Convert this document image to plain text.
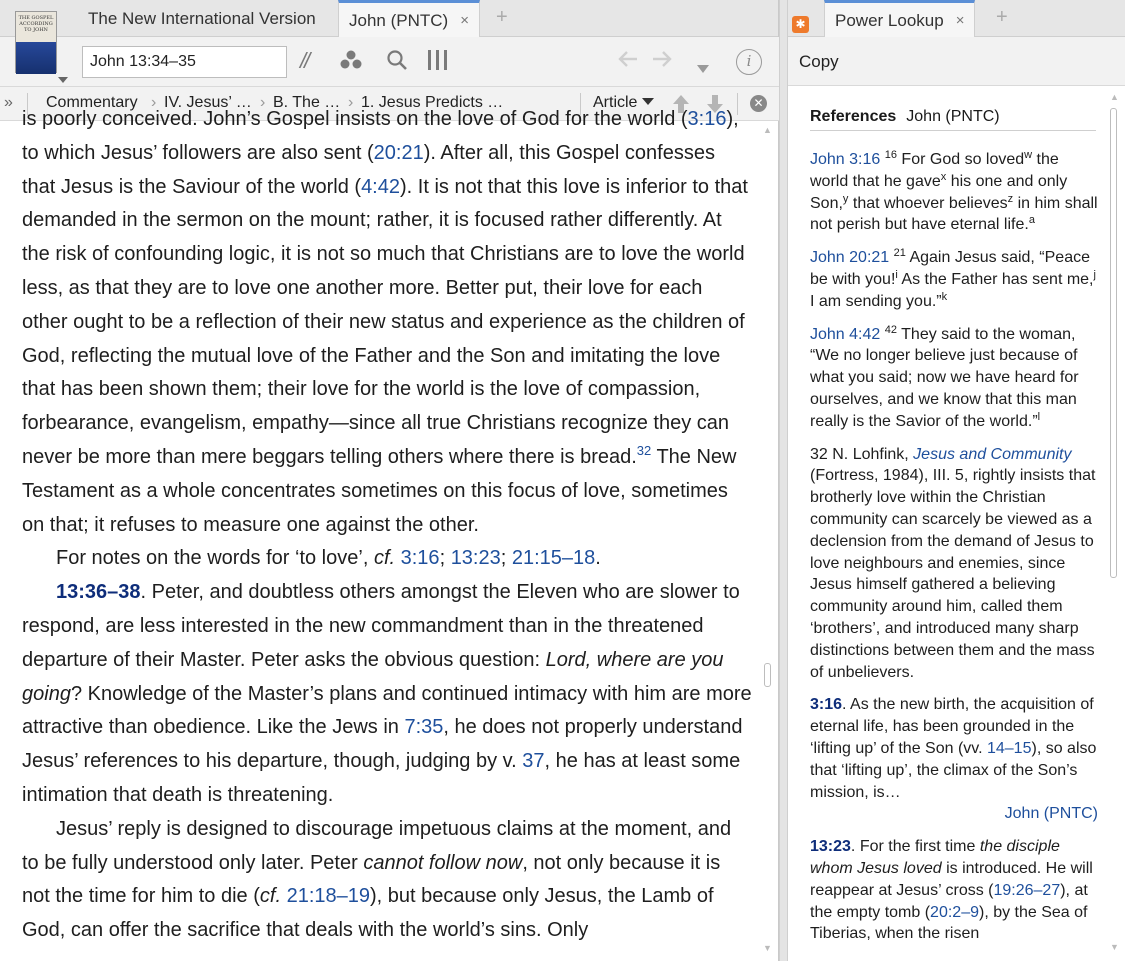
The New International Version John (PNTC) × +
THE GOSPEL ACCORDING TO JOHN
John 13:34–35
//	i
» Commentary › IV. Jesus’ … › B. The … › 1. Jesus Predicts …	Article	✕

is poorly conceived. John’s Gospel insists on the love of God for the world (3:16), to which Jesus’ followers are also sent (20:21). After all, this Gospel confesses that Jesus is the Saviour of the world (4:42). It is not that this love is inferior to that demanded in the sermon on the mount; rather, it is focused rather differently. At the risk of confounding logic, it is not so much that Christians are to love the world less, as that they are to love one another more. Better put, their love for each other ought to be a reflection of their new status and experience as the children of God, reflecting the mutual love of the Father and the Son and imitating the love that has been shown them; their love for the world is the love of compassion, forbearance, evangelism, empathy—since all true Christians recognize they can never be more than mere beggars telling others where there is bread.$^{32}$ The New Testament as a whole concentrates sometimes on this focus of love, sometimes on that; it refuses to measure one against the other.

For notes on the words for ‘to love’, cf. 3:16; 13:23; 21:15–18.

13:36–38. Peter, and doubtless others amongst the Eleven who are slower to respond, are less interested in the new commandment than in the threatened departure of their Master. Peter asks the obvious question: Lord, where are you going? Knowledge of the Master’s plans and continued intimacy with him are more attractive than obedience. Like the Jews in 7:35, he does not properly understand Jesus’ references to his departure, though, judging by v. 37, he has at least some intimation that death is threatening.

Jesus’ reply is designed to discourage impetuous claims at the moment, and to be fully understood only later. Peter cannot follow now, not only because it is not the time for him to die (cf. 21:18–19), but because only Jesus, the Lamb of God, can offer the sacrifice that deals with the world’s sins. Only

▲
▼
✱ Power Lookup × +
Copy
References John (PNTC)
John 3:16 $^{16}$ For God so loved$^w$ the world that he gave$^x$ his one and only Son,$^y$ that whoever believes$^z$ in him shall not perish but have eternal life.$^a$
John 20:21 $^{21}$ Again Jesus said, “Peace be with you!$^i$ As the Father has sent me,$^j$ I am sending you.”$^k$
John 4:42 $^{42}$ They said to the woman, “We no longer believe just because of what you said; now we have heard for ourselves, and we know that this man really is the Savior of the world.”$^l$
32 N. Lohfink, Jesus and Community (Fortress, 1984), III. 5, rightly insists that brotherly love within the Christian community can scarcely be viewed as a declension from the demand of Jesus to love neighbours and enemies, since Jesus himself gathered a believing community around him, called them ‘brothers’, and introduced many sharp distinctions between them and the mass of unbelievers.
3:16. As the new birth, the acquisition of eternal life, has been grounded in the ‘lifting up’ of the Son (vv. 14–15), so also that ‘lifting up’, the climax of the Son’s mission, is…
John (PNTC)
13:23. For the first time the disciple whom Jesus loved is introduced. He will reappear at Jesus’ cross (19:26–27), at the empty tomb (20:2–9), by the Sea of Tiberias, when the risen
▲
▼
